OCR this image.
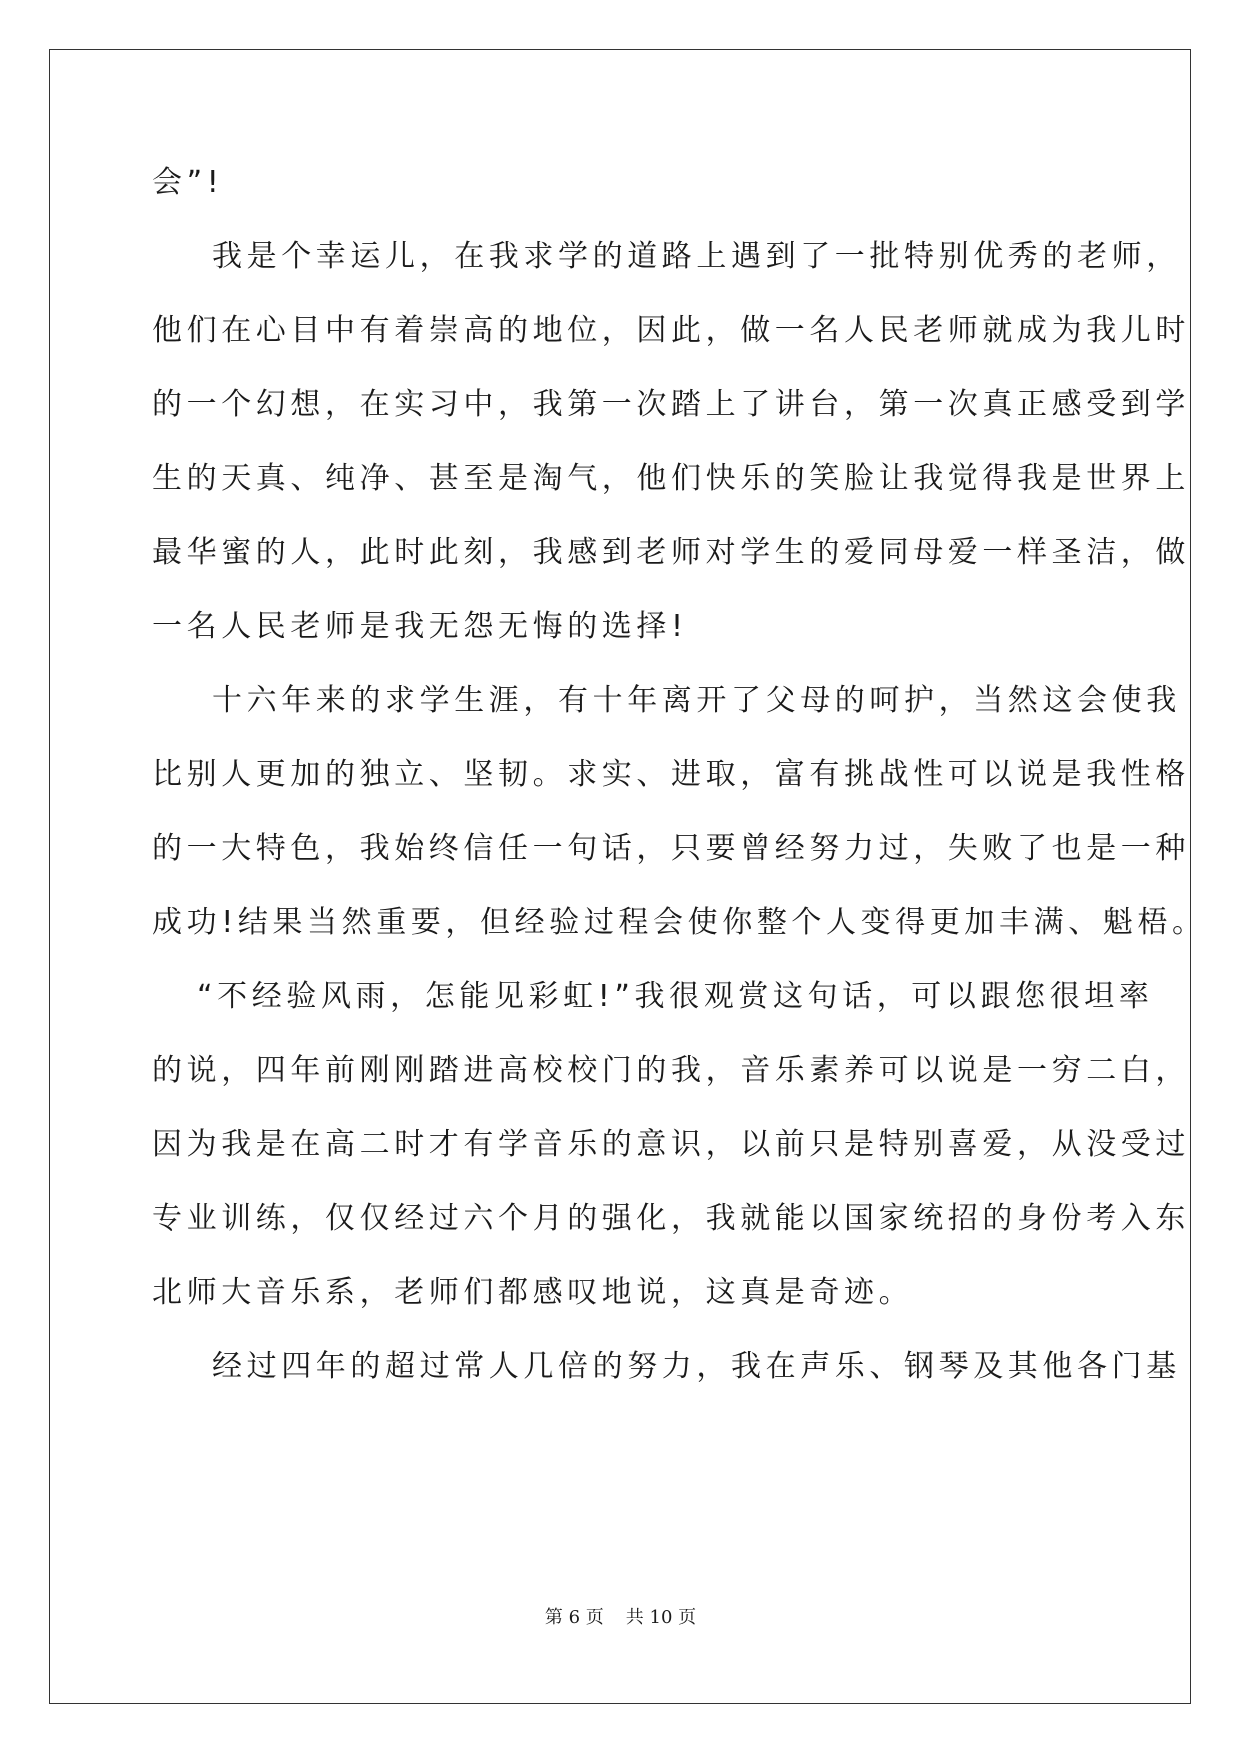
会”!
我是个幸运儿，在我求学的道路上遇到了一批特别优秀的老师，
他们在心目中有着崇高的地位，因此，做一名人民老师就成为我儿时
的一个幻想，在实习中，我第一次踏上了讲台，第一次真正感受到学
生的天真、纯净、甚至是淘气，他们快乐的笑脸让我觉得我是世界上
最华蜜的人，此时此刻，我感到老师对学生的爱同母爱一样圣洁，做
一名人民老师是我无怨无悔的选择!
十六年来的求学生涯，有十年离开了父母的呵护，当然这会使我
比别人更加的独立、坚韧。求实、进取，富有挑战性可以说是我性格
的一大特色，我始终信任一句话，只要曾经努力过，失败了也是一种
成功!结果当然重要，但经验过程会使你整个人变得更加丰满、魁梧。
“不经验风雨，怎能见彩虹!”我很观赏这句话，可以跟您很坦率
的说，四年前刚刚踏进高校校门的我，音乐素养可以说是一穷二白，
因为我是在高二时才有学音乐的意识，以前只是特别喜爱，从没受过
专业训练，仅仅经过六个月的强化，我就能以国家统招的身份考入东
北师大音乐系，老师们都感叹地说，这真是奇迹。
经过四年的超过常人几倍的努力，我在声乐、钢琴及其他各门基
第 6 页 共 10 页
